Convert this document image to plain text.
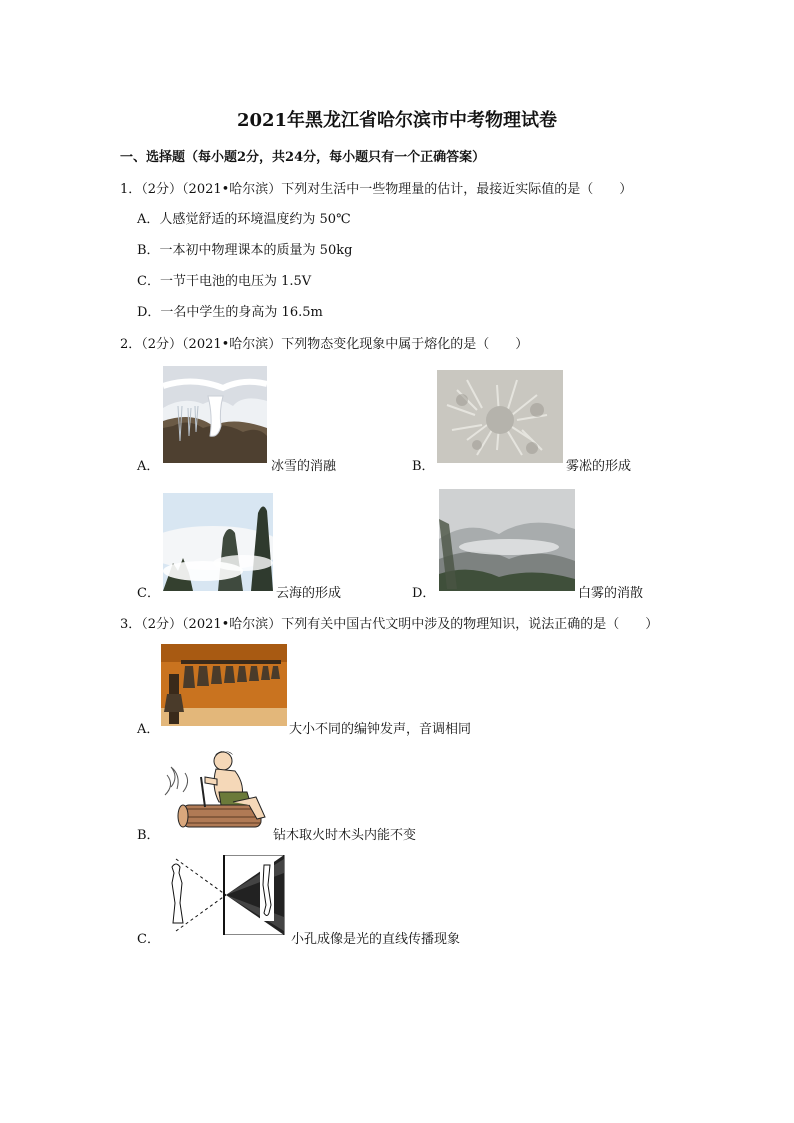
2021年黑龙江省哈尔滨市中考物理试卷
一、选择题（每小题2分，共24分，每小题只有一个正确答案）
1．（2分）（2021•哈尔滨）下列对生活中一些物理量的估计，最接近实际值的是（　　）
A．人感觉舒适的环境温度约为 50℃
B．一本初中物理课本的质量为 50kg
C．一节干电池的电压为 1.5V
D．一名中学生的身高为 16.5m
2．（2分）（2021•哈尔滨）下列物态变化现象中属于熔化的是（　　）
A．	冰雪的消融	B．	雾凇的形成
C．	云海的形成	D．	白雾的消散
3．（2分）（2021•哈尔滨）下列有关中国古代文明中涉及的物理知识，说法正确的是（　　）
A．	大小不同的编钟发声，音调相同
B．	钻木取火时木头内能不变
C．	小孔成像是光的直线传播现象
